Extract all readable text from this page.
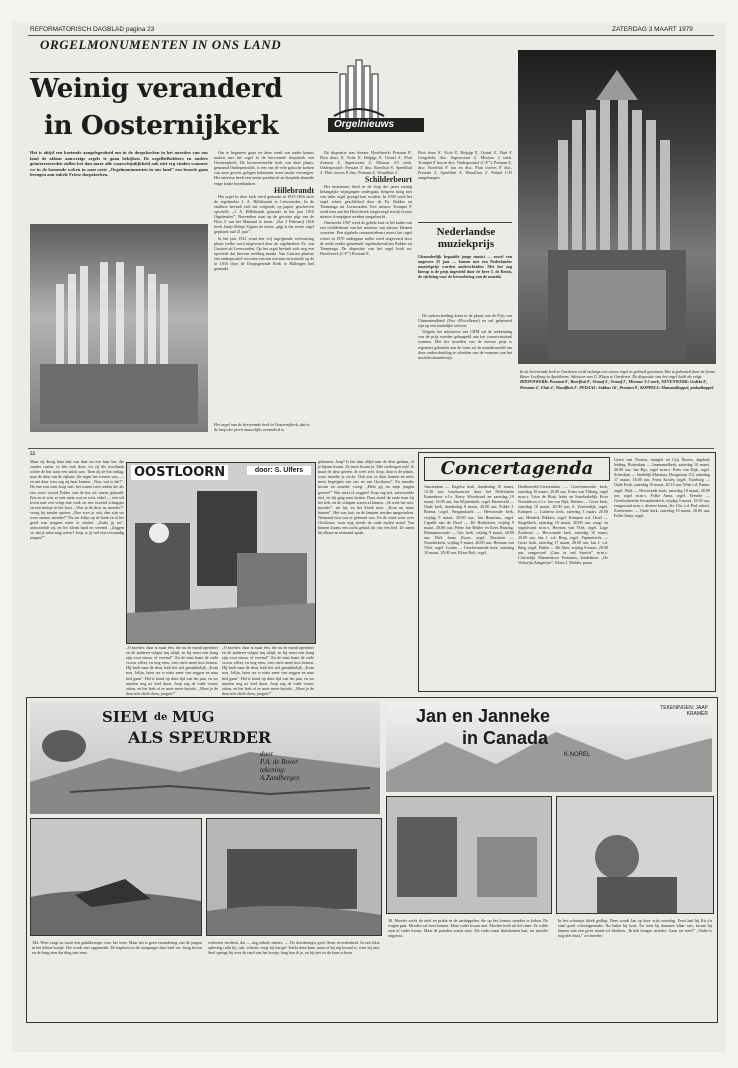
REFORMATORISCH DAGBLAD pagina 23	ZATERDAG 3 MAART 1979
ORGELMONUMENTEN IN ONS LAND
Weinig veranderd
in Oosternijkerk	Orgelnieuws
In de hervormde kerk te Garderen werd onlangs een nieuw orgel in gebruik genomen. Het is gebouwd door de firma Bruer Leeflang in Apeldoorn. Adviseur was G. Kluyn te Garderen. De dispositie van het orgel luidt als volgt: HOOFDWERK: Prestant 8', Roerfluit 8', Octaaf 4', Octaaf 2', Mixtuur 3-5 sterk, NEVENWERK: Gedekt 8', Prestant 4', Fluit 4', Woudfluit 2'. PEDAAL: Subbas 16', Prestant 8', KOPPELS: Manuaalkoppel, pedaalkoppel.
Het is altijd een boeiende aangelegenheid om in de dorpskerken in het noorden van ons land de aldaar aanwezige orgels te gaan bekijken. De orgelliefhebbers en andere geïnteresseerden zullen het dan maar alle waarschijnlijkheid ook niet erg vinden wanneer we in de komende weken in onze serie „Orgelmonumenten in ons land” een bezoek gaan brengen aan enkele Friese dorpskerken.
Het orgel van de hervormde kerk in Oosternijkerk, dat in de loop der jaren nauwelijks veranderd is.

Om te beginnen gaan we deze week wat nader kennis maken met het orgel in de hervormde dorpskerk van Oosternijkerk. De bovenvermelde kerk van deze plaats, genaamd Ondiepetrodiel, is een van de vele gotische kerken van onze gewest gelegen bakstenen toren omdat vervangen. Het interieur heeft een ruime preekstoel en doopbak alsmede enige fraaie herenbanken.

Hillebrandt

Het orgel in deze kerk werd gemaakt in 1815-1816 door de orgelmaker J. A. Hillebrandt te Leeuwarden. In de eindfase bevindt zich het volgende, op papier geschreven opschrift: „J. A. Hillebrandt gemaakt in het jaar 1816 Orgelmaker”. Bovendien staat op de grootste pijp van de Fluit 4' van het Manuaal te lezen: „Dat 2 Februarij 1816 heeft Jantje Reinje Sijpma de eerste „pijp is het eerste orgel geplaatst oud 21 jaar”.

In het jaar 1921 vond een vrij ingrijpende verbouwing plaats welke werd uitgevoerd door de orgelmakers Fa. van Gruisen uit Leeuwarden. Op het orgel bevindt zich nog een opschrift dat hiervan melding maakt. Van Gruisen plaatste een onderpositief voorzien van een mixtuur en tremolo op de in 1816 door de Doopsgezinde Kerk te Hallingen had gemaakt.

De dispositie was daarna: Hoofdwerk: Prestant 8', Fluit doux 8', Viola 8', Holpijp 8', Octaaf 4', Fluit d'amour 4', Superoctaaf 2', Mixtuur 4-5 sterk. Onderpositief: Prestant 4' disc. Roerfluit 8', Speelfluit 4', Fluit travers 8' disc, Prestant 4', Woudfluit 2'.

Schilderbeurt

Het instrument heeft in de loop der jaren weinig belangrijke wijzigingen ondergaan, hetgeen hoog niet van ieder orgel gezegd kan worden. In 1930 werd het orgel echter geschilderd door de Fa. Bakker en Timmenga uit Leeuwarden. Een nieuwe Trompet 8' werd toen aan het Hoofdwerk toegevoegd terwijl tevens nieuwe frontpijpen werden aangebracht.

Omstreeks 1967 werd de gehele kast in het kader van een schilderbeurt van het interieur van nieuwe kleuren voorzien. Een algehele restauratiebeurt moest het orgel echter in 1970 ondergaan welke werd uitgevoerd door de reeds eerder genoemde orgelmakersfirma Bakker en Timmenga. De dispositie van het orgel luidt nu: Hoofdwerk (C-F''') Prestant 8',

Fluit doux 8', Viola 8', Holpijp 8', Octaaf 4', Fluit 4' Gesgedekt, disc. Superoctaaf 2', Mixtuur 3 sterk. Trompet 8' bas en disc. Onderpositief (C-F'''): Prestant 4', disc. Roerfluit 8' bas en disc. Fluit travers 8' disc, Prestant 4', Speelfluit 4', Woudfluit 2', Pedaal C-D aangehangen.
Nederlandse
muziekprijs
Uitzonderlijk begaafde jonge musici — zowel van ongeveer 25 jaar — komen met een Nederlandse muziekprijs worden onderscheiden. Met het oog hierop is de prijs ingesteld door de heer J. de Bruin, de stichting voor de bevordering van de muziek.

De onderscheiding komt in de plaats van de Prijs van Uitmuntendheid (Prix d'Excellence) en zal gebaseerd zijn op een landelijke selectie.

Volgens het ministerie van CRM zal de toekenning van de prijs worden gekoppeld aan het conservatoriaal examen. Met het instellen van de nieuwe prijs is tegemoet gekomen aan de wens uit de muziekwereld om deze onderscheiding te scheiden van de examens aan het muziekvakonderwijs.

52
Maar zij droeg haar bak van daar uit een haar kat, die zonder rusten, in één trek door, tot zij die noodzaak achter de hut waar een stilok was. Toen zij de hut ontlag, naar de deur om de zijkant, die tegen het westen was, — en net daar voor zag zij haar komen. „Nou, wat is dat?”. De ene was toen Joop niet, het waren twee ouden die als een soort vooraf Fokke van de hut uit waren gehaald. Een en al wist ze niet meer wat ze wist, enkel — een stil leven met een schip met rook en een tweetal schaapjes en een meisje in het hooi. ,,Woe je de deur in, moeder?” vroeg hij zonder opzien. „Doe voor je ook, dan zijn we weer samen, moeder!” Nu zat Jolijn op de bank en al het goed was nergens meer te vinden. „Zoals jij nu”, antwoordde zij, en het klonk hard en vreemd. „Zeggen ze, dat je niets mag weten? Joop, is jij wel een verstandig jongen?”
OOSTLOORN	door: S. Ulfers
„O moeder, daar is maar één, die nu de mond opendoet en de anderen volgen mij altijd, en hij moet niet bang zijn voor nieuw of vreemd”. En de man kaste de oude vrouw zilver, en nog eens, toen niets meer kon komen. Hij keek naar de deur, leek het wel gemakkelijk. „Kom nou, Jolijn, laten we er niets meer van zeggen en naar bed gaan”. Het is koud op deze tijd van het jaar, en we moeten nog zo veel doen. Joop zag de oude vrouw zitten, en het leek of ze niets meer hoorde. ,,Moet je de deur niet dicht doen, jongen?”
„O moeder, daar is maar één, die nu de mond opendoet en de anderen volgen mij altijd, en hij moet niet bang zijn voor nieuw of vreemd”. En de man kaste de oude vrouw zilver, en nog eens, toen niets meer kon komen. Hij keek naar de deur, leek het wel gemakkelijk. „Kom nou, Jolijn, laten we er niets meer van zeggen en naar bed gaan”. Het is koud op deze tijd van het jaar, en we moeten nog zo veel doen. Joop zag de oude vrouw zitten, en het leek of ze niets meer hoorde. ,,Moet je de deur niet dicht doen, jongen?”
gekomen, Joop? Is het daar altijd naar de deur gedaan, of je hijnen kwam. Ze moet kwam je. Alle zoeloogen ook! Je maar de deur gezien. Je weet wel, Joop, daar is de plaats, waar moeder je zocht. Ook zou ze daar komen en niets meer begrijpen van ons en van Oostloorn”. En moeder kwam en moeder vroeg: „Hebt gij nu mijn jongen gezien?” Wat moet ik zeggen? Joop zag het, antwoordde niet, en hij ging naar buiten. Daar stond de oude man bij het hek, en de schapen waren al binnen. ,,Ik weet het niet, moeder”, zei hij, en het klonk moe. „Kom nu maar binnen”. Het was laat, en de lampen werden aangestoken. Niemand wist wat er gebeurd was. En de wind woei over Oostloorn, waar nog steeds de oude molen stond. Van binnen kwam een zacht geluid als van een lied. Ze zaten bij elkaar en niemand sprak.
Concertagenda
Amsterdam — Engelse kerk, donderdag 10 maart, 12.30 uur, lunchconcert door het Nederlands Kamerkoor o.l.v. Kerry Woodward en zaterdag 10 maart, 16.00 uur, Jan Wijnenbeek, orgel. Barneveld — Oude kerk, donderdag 8 maart, 20.00 uur, Fokke J. Bosma, orgel. Bergambacht — Hervormde kerk, vrijdag 9 maart, 20.00 uur, Jan Bonefaas, orgel. Capelle aan de IJssel — De Hoeksteen, vrijdag 9 maart, 20.00 uur, Pieter Jan Belder en Kees Huizing. Dantumawoude — Ger. kerk, vrijdag 9 maart, 20.00 uur, Dirk Jansz Zwart, orgel. Drachten — Noorderkerk, vrijdag 9 maart, 20.00 uur, Herman van Vliet, orgel. Gouda — Gereformeerde kerk, zaterdag 10 maart, 20.00 uur, Klaas Bolt, orgel.
Hardinxveld-Giessendam — Gereformeerde kerk, zaterdag 10 maart, 20.00 uur, Frans van Tilburg, orgel m.m.v. Léon de Bont, hobo en Interkerkelijk Koor Noordeloos o.l.v. Jan van Dijk. Hattem — Grote kerk, zaterdag 10 maart, 20.00 uur, A. Zoutendijk, orgel. Kampen — Lutherse kerk, zaterdag 3 maart, 20.00 uur, Hendrik Dikkers, orgel. Krimpen a.d. IJssel — Singelkerk, zaterdag 10 maart, 20.00 uur, zang- en orgelavond m.m.v. Herman van Vliet, orgel. Lage Zwaluwe — Hervormde kerk, zaterdag 10 maart, 20.00 uur, Jan J. v.d. Berg, orgel. Papendrecht — Grote kerk, zaterdag 17 maart, 20.00 uur, Jan J. v.d. Berg, orgel. Putten — De Aker, vrijdag 9 maart, 20.00 uur, zangavond „Cum tu sed Sanctis” m.m.v. Christelijk Mannenkoor Fontanus, kinderkoor „De Voltavijn Zangertjes”, Klaas J. Mulder, piano.
Gerrit van Nooten, trompet en Gijs Broers, algehele leiding. Rotterdam — Immanuelkerk, zaterdag 10 maart, 20.00 uur, Jan Rijs, orgel m.m.v. Kees van Dijk, orgel. Schiedam — Stedelijk Museum, Hoogstraat 112, zaterdag 17 maart, 16.00 uur, Frans Koster, orgel. Voorburg — Oude Kerk, zaterdag 10 maart, 20.15 uur, Wim v.d. Panne, orgel. Wijk — Hervormde kerk, zaterdag 10 maart, 20.00 uur, orgel m.m.v. Folke Anna, orgel. Yerseke — Gereformeerde Jeruzalemkerk, vrijdag 9 maart, 19.30 uur, zangavond m.m.v. diverse koren, dir. Chr. v.d. Pad, orkest. Zoetermeer — Oude kerk, zaterdag 10 maart, 20.00 uur, Folke Anna, orgel.
SIEM de MUG
ALS SPEURDER
door
P.A. de Rover
tekening:
A.Zandbergen
184. Weer zorgt en nooit een gelukbrenger voor het weer. Maar het is geen verandering van de jongen in het kleine bootje. Die wordt niet opgemerkt. De kapitein en de roerganger daar heel ver, hoog boven en de brug zien dat ding niet eens.
verliezen verdient, dat — nog enkele meters. — De doodeenigst geeft Siem tevredenheid. In een fikse opleving ruikt hij, tuft, scheurt, vergt hij terrige! Sterkt deze kant, maar of hij erg kwaad is, weet hij niet. Snel springt hij over de rand van het bootje, lang ben ik je, en hij ziet zo de kans schoon.
Jan en Janneke
in Canada
TEKENINGEN: JAAP
KRAMER
K.NOREL
38. Moeder zocht de tafel en prikte in de aardappelen, die op het fornuis stonden te koken. De wagen gaat. Moeder zal weer komen. Maar vader kwam niet. Moeder keek uit het raam. Ze wilde zien of vader kwam. Maar de paarden waren moe. Als vader maar thuiskomen kan, zei moeder ongerust.
In het schuurtje kleek gedkip. Deze wordt Jan op door vrije zaterdag. Eerst had hij Kit z'n staal goed schoongemaakt. Nu hakte hij hout. En toen hij daarmee klaar was, kwam hij binnen met een grote mand vol blokken. ,Ik heb honger, moeder. Gaan we eten?” „Vader is nog niet thuis,” zei moeder.
